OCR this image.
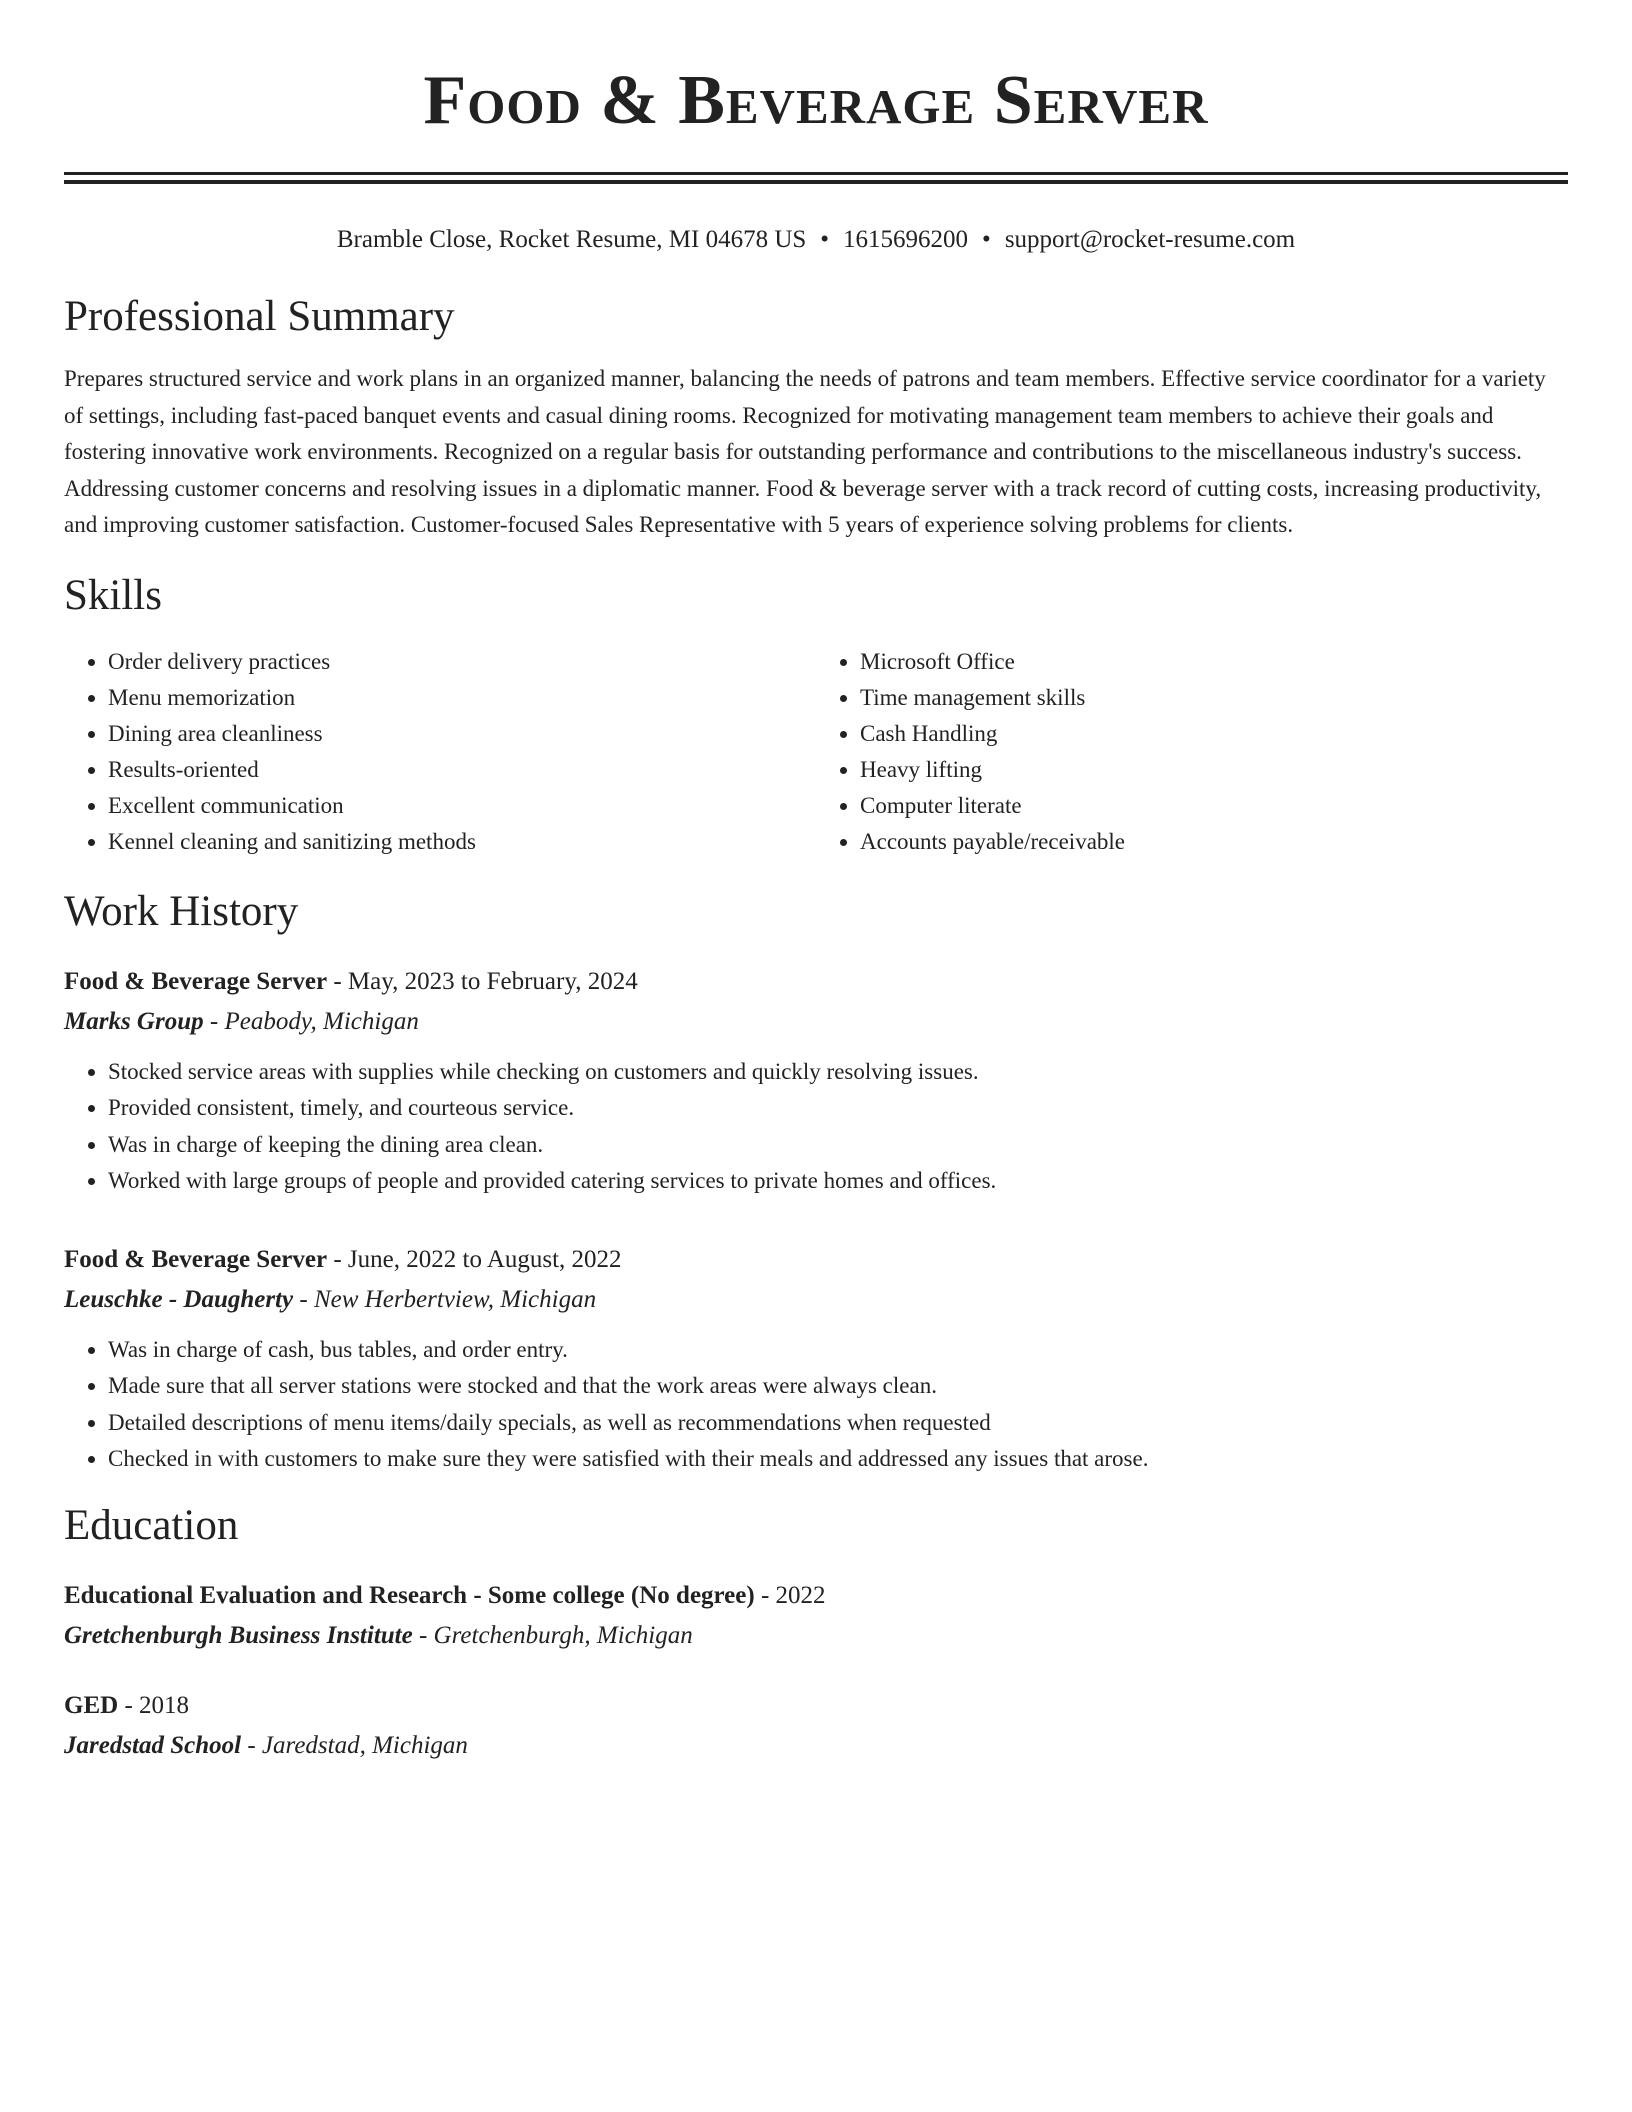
Food & Beverage Server
Bramble Close, Rocket Resume, MI 04678 US • 1615696200 • support@rocket-resume.com
Professional Summary

Prepares structured service and work plans in an organized manner, balancing the needs of patrons and team members. Effective service coordinator for a variety of settings, including fast-paced banquet events and casual dining rooms. Recognized for motivating management team members to achieve their goals and fostering innovative work environments. Recognized on a regular basis for outstanding performance and contributions to the miscellaneous industry's success. Addressing customer concerns and resolving issues in a diplomatic manner. Food & beverage server with a track record of cutting costs, increasing productivity, and improving customer satisfaction. Customer-focused Sales Representative with 5 years of experience solving problems for clients.

Skills
• Order delivery practices
• Menu memorization
• Dining area cleanliness
• Results-oriented
• Excellent communication
• Kennel cleaning and sanitizing methods
• Microsoft Office
• Time management skills
• Cash Handling
• Heavy lifting
• Computer literate
• Accounts payable/receivable
Work History
Food & Beverage Server - May, 2023 to February, 2024
Marks Group - Peabody, Michigan
• Stocked service areas with supplies while checking on customers and quickly resolving issues.
• Provided consistent, timely, and courteous service.
• Was in charge of keeping the dining area clean.
• Worked with large groups of people and provided catering services to private homes and offices.
Food & Beverage Server - June, 2022 to August, 2022
Leuschke - Daugherty - New Herbertview, Michigan
• Was in charge of cash, bus tables, and order entry.
• Made sure that all server stations were stocked and that the work areas were always clean.
• Detailed descriptions of menu items/daily specials, as well as recommendations when requested
• Checked in with customers to make sure they were satisfied with their meals and addressed any issues that arose.
Education
Educational Evaluation and Research - Some college (No degree) - 2022
Gretchenburgh Business Institute - Gretchenburgh, Michigan
GED - 2018
Jaredstad School - Jaredstad, Michigan
